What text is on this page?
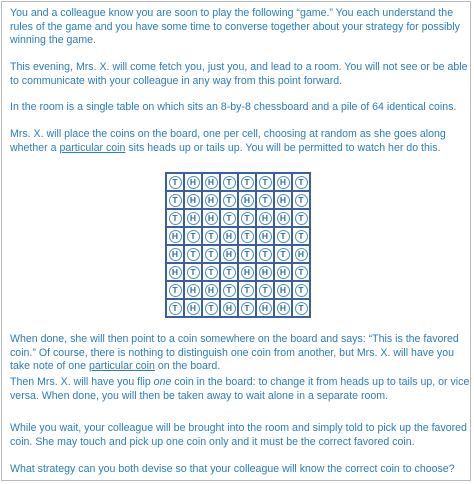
You and a colleague know you are soon to play the following “game.” You each understand the rules of the game and you have some time to converse together about your strategy for possibly winning the game.

This evening, Mrs. X. will come fetch you, just you, and lead to a room. You will not see or be able to communicate with your colleague in any way from this point forward.

In the room is a single table on which sits an 8-by-8 chessboard and a pile of 64 identical coins.

Mrs. X. will place the coins on the board, one per cell, choosing at random as she goes along whether a particular coin sits heads up or tails up. You will be permitted to watch her do this.

T	H	H	T	T	T	H	T
T	H	H	T	H	T	H	T
T	H	H	T	T	H	H	T
H	T	T	H	T	H	T	T
H	T	T	H	T	T	T	H
H	T	T	T	H	H	H	T
T	H	H	T	T	T	H	T
T	H	T	H	T	H	H	T

When done, she will then point to a coin somewhere on the board and says: “This is the favored coin.” Of course, there is nothing to distinguish one coin from another, but Mrs. X. will have you take note of one particular coin on the board.

Then Mrs. X. will have you flip one coin in the board: to change it from heads up to tails up, or vice versa. When done, you will then be taken away to wait alone in a separate room.

While you wait, your colleague will be brought into the room and simply told to pick up the favored coin. She may touch and pick up one coin only and it must be the correct favored coin.

What strategy can you both devise so that your colleague will know the correct coin to choose?
